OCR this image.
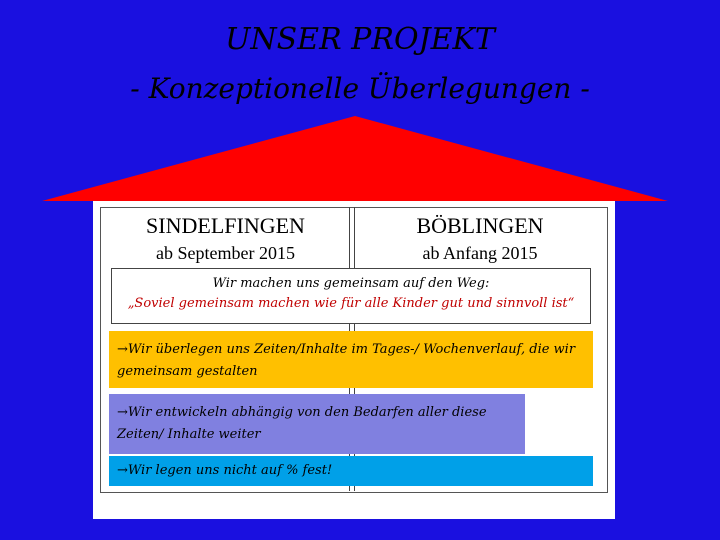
UNSER PROJEKT
- Konzeptionelle Überlegungen -
SINDELFINGEN
ab September 2015
BÖBLINGEN
ab Anfang 2015
Wir machen uns gemeinsam auf den Weg:
„Soviel gemeinsam machen wie für alle Kinder gut und sinnvoll ist“
→Wir überlegen uns Zeiten/Inhalte im Tages-/ Wochenverlauf, die wir gemeinsam gestalten
→Wir entwickeln abhängig von den Bedarfen aller diese Zeiten/ Inhalte weiter
→Wir legen uns nicht auf % fest!
